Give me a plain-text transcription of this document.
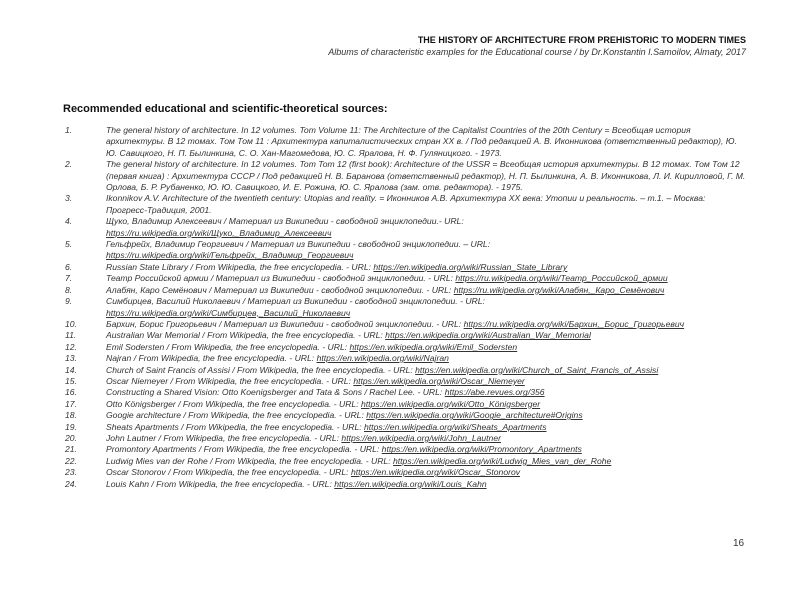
THE HISTORY OF ARCHITECTURE FROM PREHISTORIC TO MODERN TIMES
Albums of characteristic examples for the Educational course / by Dr.Konstantin I.Samoilov, Almaty, 2017
Recommended educational and scientific-theoretical sources:
1.	The general history of architecture. In 12 volumes. Tom Volume 11: The Architecture of the Capitalist Countries of the 20th Century = Всеобщая история архитектуры. В 12 томах. Том Том 11 : Архитектура капиталистических стран XX в. / Под редакцией А. В. Иконникова (ответственный редактор), Ю. Ю. Савицкого, Н. П. Былинкина, С. О. Хан-Магомедова, Ю. С. Яралова, Н. Ф. Гуляницкого. - 1973.
2.	The general history of architecture. In 12 volumes. Tom Tom 12 (first book): Architecture of the USSR = Всеобщая история архитектуры. В 12 томах. Том Том 12 (первая книга) : Архитектура СССР / Под редакцией Н. В. Баранова (ответственный редактор), Н. П. Былинкина, А. В. Иконникова, Л. И. Кирилловой, Г. М. Орлова, Б. Р. Рубаненко, Ю. Ю. Савицкого, И. Е. Рожина, Ю. С. Яралова (зам. отв. редактора). - 1975.
3.	Ikonnikov A.V. Architecture of the twentieth century: Utopias and reality. = Иконников А.В. Архитектура XX века: Утопии и реальность. – т.1. – Москва: Прогресс-Традиция, 2001.
4.	Щуко, Владимир Алексеевич / Материал из Википедии - свободной энциклопедии.- URL:
https://ru.wikipedia.org/wiki/Щуко,_Владимир_Алексеевич
5.	Гельфрейх, Владимир Георгиевич / Материал из Википедии - свободной энциклопедии. – URL:
https://ru.wikipedia.org/wiki/Гельфрейх,_Владимир_Георгиевич
6.	Russian State Library / From Wikipedia, the free encyclopedia. - URL: https://en.wikipedia.org/wiki/Russian_State_Library
7.	Театр Российской армии / Материал из Википедии - свободной энциклопедии. - URL: https://ru.wikipedia.org/wiki/Театр_Российской_армии
8.	Алабян, Каро Семёнович / Материал из Википедии - свободной энциклопедии. - URL: https://ru.wikipedia.org/wiki/Алабян,_Каро_Семёнович
9.	Симбирцев, Василий Николаевич / Материал из Википедии - свободной энциклопедии. - URL:
https://ru.wikipedia.org/wiki/Симбирцев,_Василий_Николаевич
10.	Бархин, Борис Григорьевич / Материал из Википедии - свободной энциклопедии. - URL: https://ru.wikipedia.org/wiki/Бархин,_Борис_Григорьевич
11.	Australian War Memorial / From Wikipedia, the free encyclopedia. - URL: https://en.wikipedia.org/wiki/Australian_War_Memorial
12.	Emil Sodersten / From Wikipedia, the free encyclopedia. - URL: https://en.wikipedia.org/wiki/Emil_Sodersten
13.	Najran / From Wikipedia, the free encyclopedia. - URL: https://en.wikipedia.org/wiki/Najran
14.	Church of Saint Francis of Assisi / From Wikipedia, the free encyclopedia. - URL: https://en.wikipedia.org/wiki/Church_of_Saint_Francis_of_Assisi
15.	Oscar Niemeyer / From Wikipedia, the free encyclopedia. - URL: https://en.wikipedia.org/wiki/Oscar_Niemeyer
16.	Constructing a Shared Vision: Otto Koenigsberger and Tata & Sons / Rachel Lee. - URL: https://abe.revues.org/356
17.	Otto Königsberger / From Wikipedia, the free encyclopedia. - URL: https://en.wikipedia.org/wiki/Otto_Königsberger
18.	Googie architecture / From Wikipedia, the free encyclopedia. - URL: https://en.wikipedia.org/wiki/Googie_architecture#Origins
19.	Sheats Apartments / From Wikipedia, the free encyclopedia. - URL: https://en.wikipedia.org/wiki/Sheats_Apartments
20.	John Lautner / From Wikipedia, the free encyclopedia. - URL: https://en.wikipedia.org/wiki/John_Lautner
21.	Promontory Apartments / From Wikipedia, the free encyclopedia. - URL: https://en.wikipedia.org/wiki/Promontory_Apartments
22.	Ludwig Mies van der Rohe / From Wikipedia, the free encyclopedia. - URL: https://en.wikipedia.org/wiki/Ludwig_Mies_van_der_Rohe
23.	Oscar Stonorov / From Wikipedia, the free encyclopedia. - URL: https://en.wikipedia.org/wiki/Oscar_Stonorov
24.	Louis Kahn / From Wikipedia, the free encyclopedia. - URL: https://en.wikipedia.org/wiki/Louis_Kahn
16
